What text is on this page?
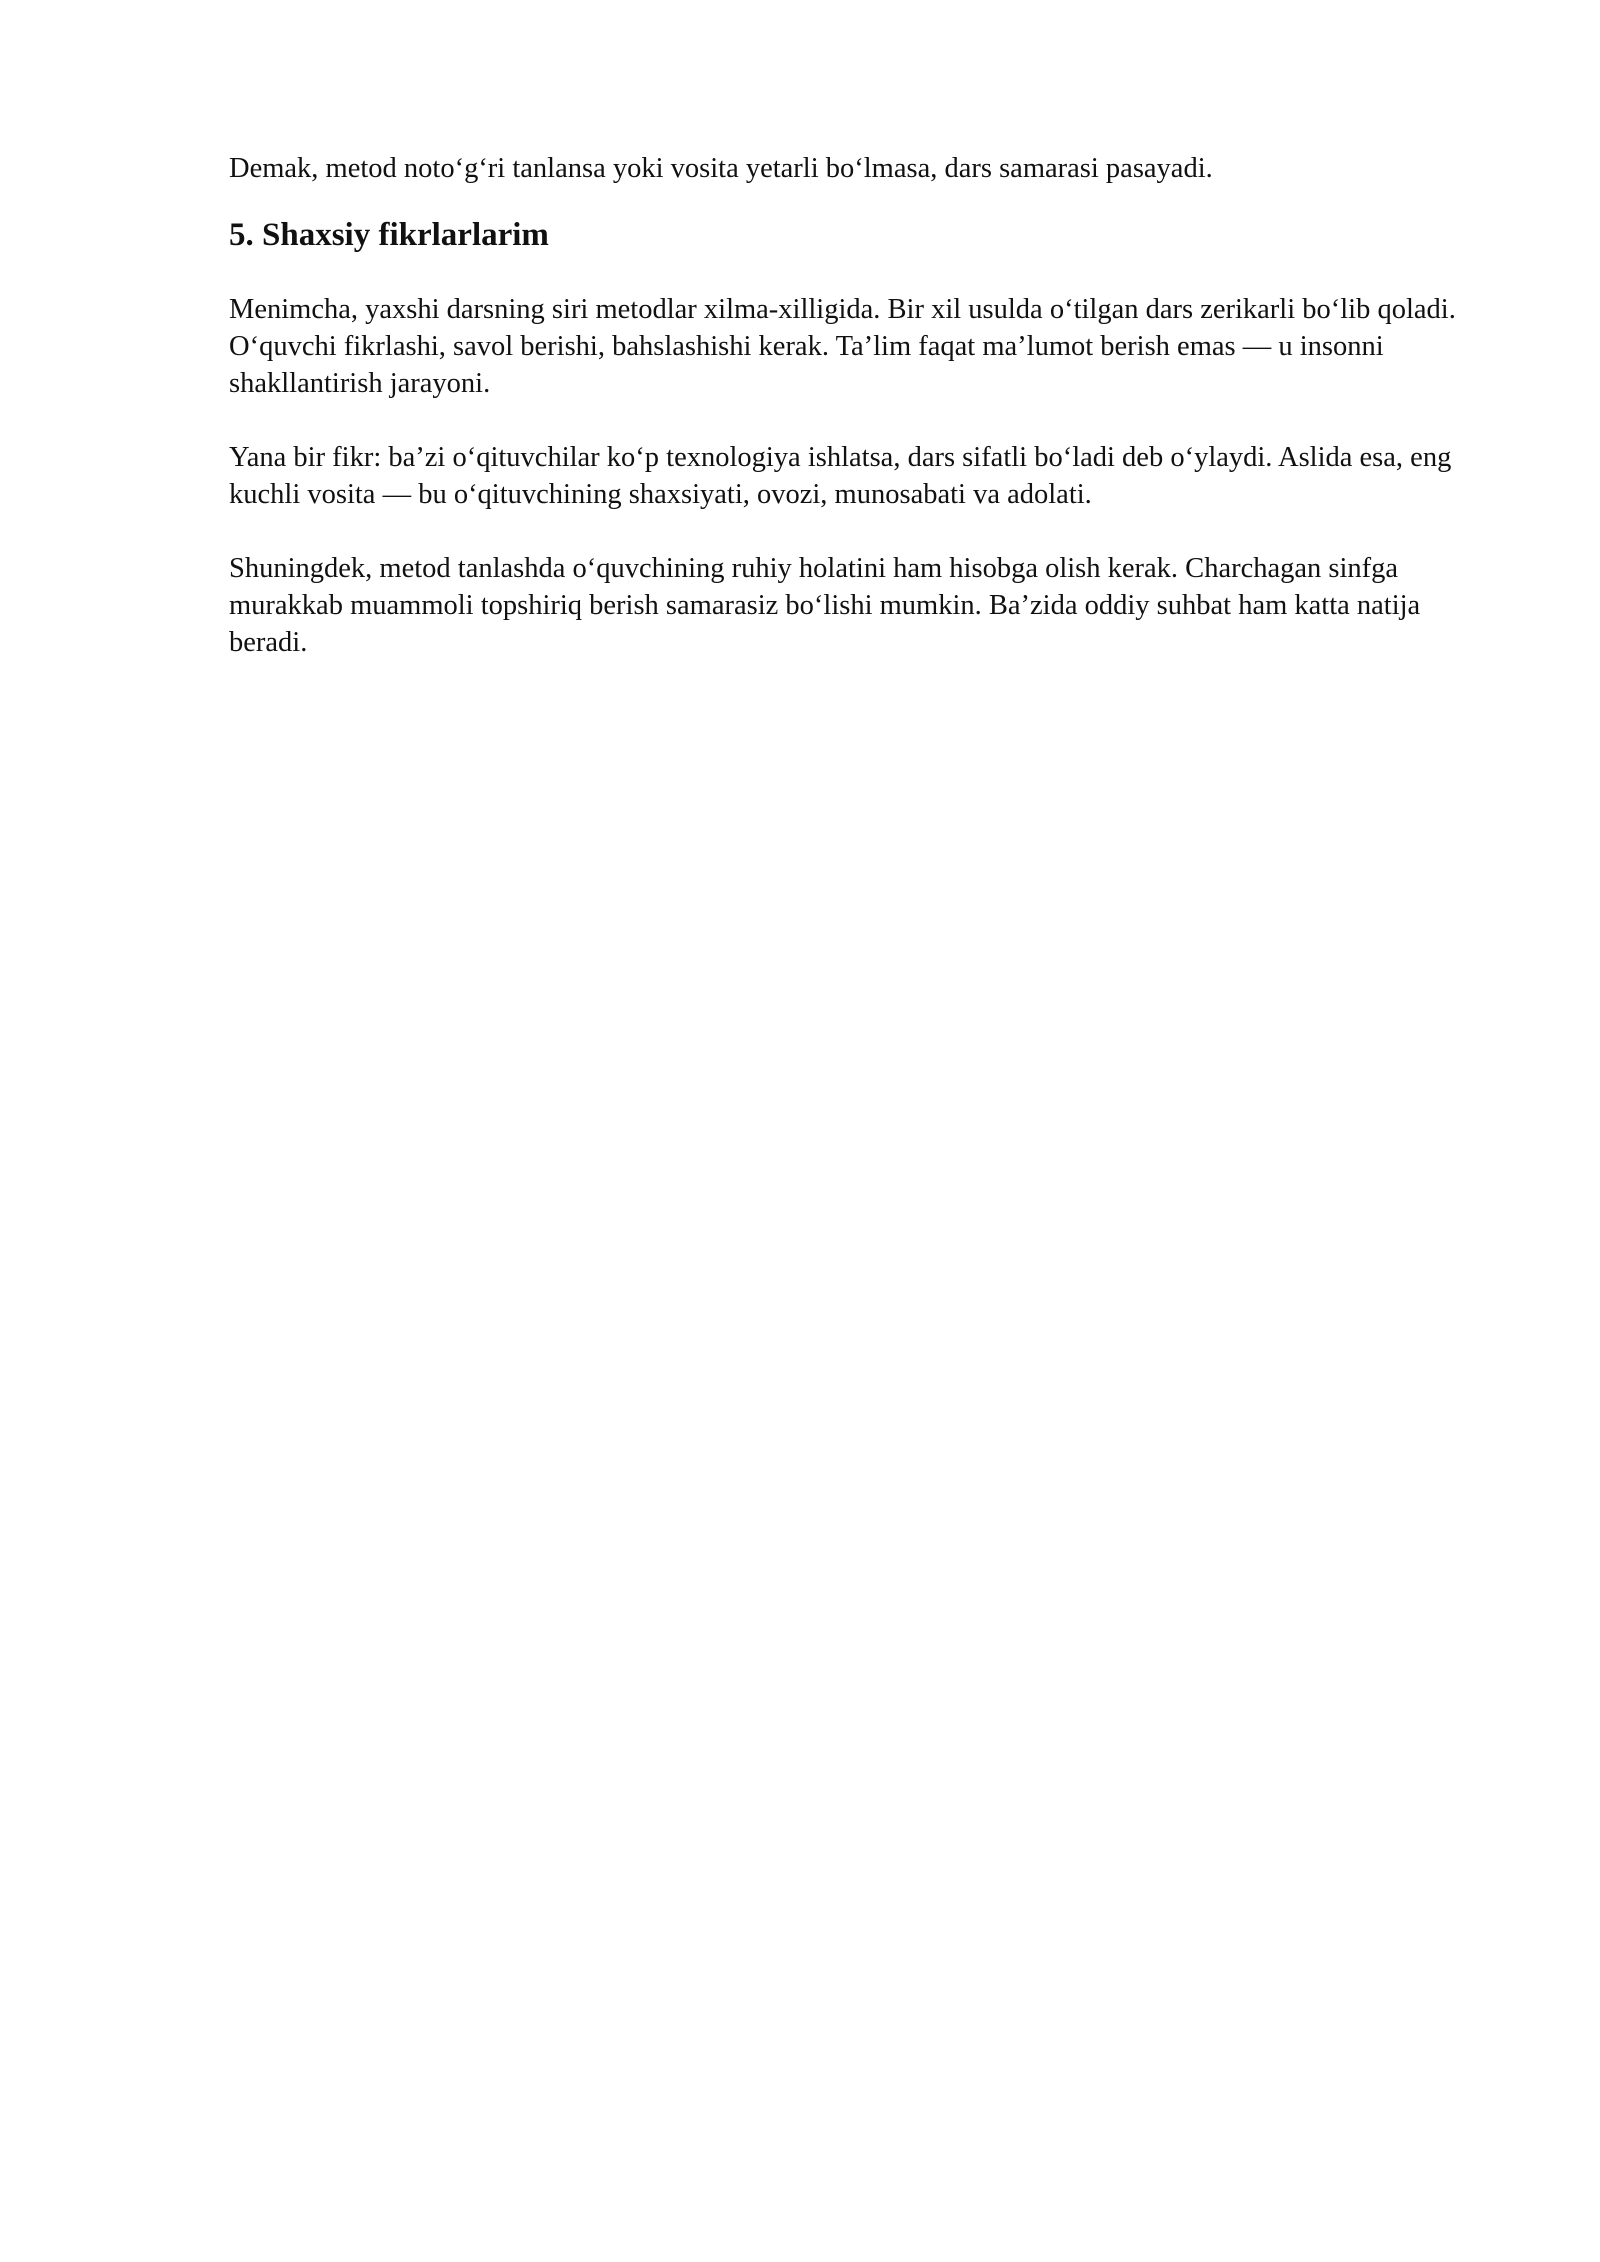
Demak, metod noto‘g‘ri tanlansa yoki vosita yetarli bo‘lmasa, dars samarasi pasayadi.

5. Shaxsiy fikrlarlarim

Menimcha, yaxshi darsning siri metodlar xilma-xilligida. Bir xil usulda o‘tilgan dars zerikarli bo‘lib qoladi. O‘quvchi fikrlashi, savol berishi, bahslashishi kerak. Ta’lim faqat ma’lumot berish emas — u insonni shakllantirish jarayoni.

Yana bir fikr: ba’zi o‘qituvchilar ko‘p texnologiya ishlatsa, dars sifatli bo‘ladi deb o‘ylaydi. Aslida esa, eng kuchli vosita — bu o‘qituvchining shaxsiyati, ovozi, munosabati va adolati.

Shuningdek, metod tanlashda o‘quvchining ruhiy holatini ham hisobga olish kerak. Charchagan sinfga murakkab muammoli topshiriq berish samarasiz bo‘lishi mumkin. Ba’zida oddiy suhbat ham katta natija beradi.
